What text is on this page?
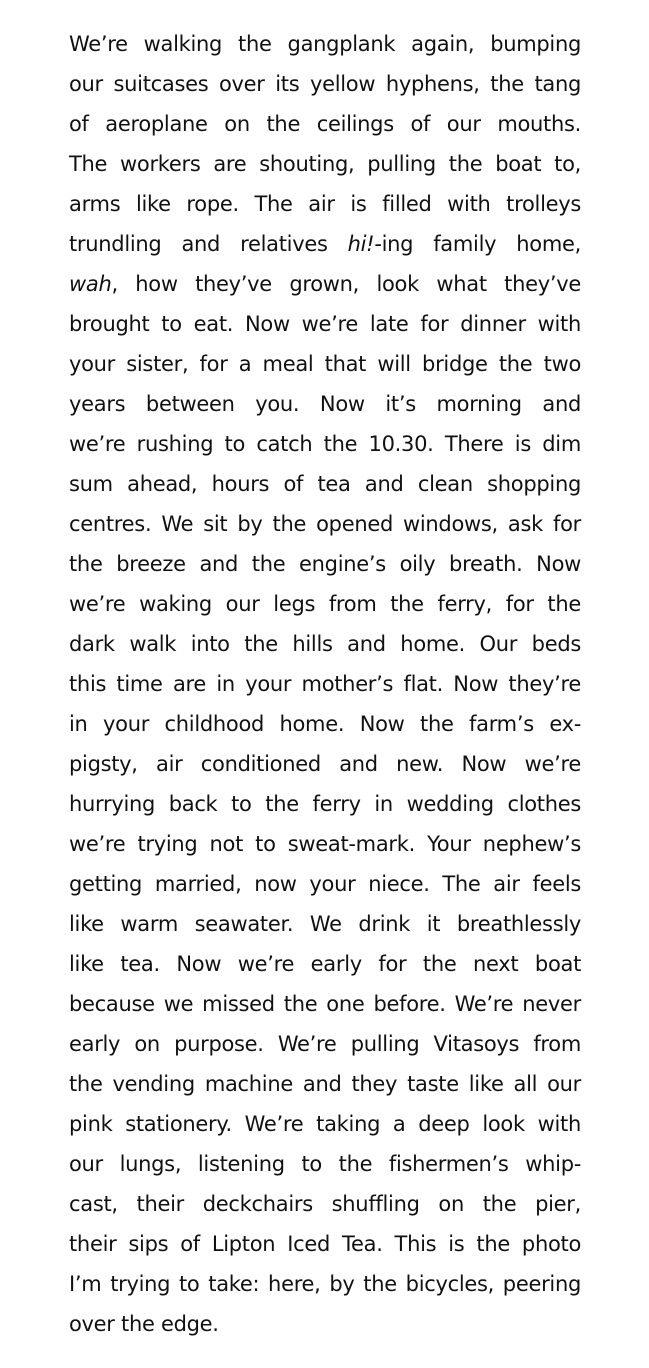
We’re walking the gangplank again, bumping
our suitcases over its yellow hyphens, the tang
of aeroplane on the ceilings of our mouths.
The workers are shouting, pulling the boat to,
arms like rope. The air is filled with trolleys
trundling and relatives hi!-ing family home,
wah, how they’ve grown, look what they’ve
brought to eat. Now we’re late for dinner with
your sister, for a meal that will bridge the two
years between you. Now it’s morning and
we’re rushing to catch the 10.30. There is dim
sum ahead, hours of tea and clean shopping
centres. We sit by the opened windows, ask for
the breeze and the engine’s oily breath. Now
we’re waking our legs from the ferry, for the
dark walk into the hills and home. Our beds
this time are in your mother’s flat. Now they’re
in your childhood home. Now the farm’s ex-
pigsty, air conditioned and new. Now we’re
hurrying back to the ferry in wedding clothes
we’re trying not to sweat-mark. Your nephew’s
getting married, now your niece. The air feels
like warm seawater. We drink it breathlessly
like tea. Now we’re early for the next boat
because we missed the one before. We’re never
early on purpose. We’re pulling Vitasoys from
the vending machine and they taste like all our
pink stationery. We’re taking a deep look with
our lungs, listening to the fishermen’s whip-
cast, their deckchairs shuffling on the pier,
their sips of Lipton Iced Tea. This is the photo
I’m trying to take: here, by the bicycles, peering
over the edge.
